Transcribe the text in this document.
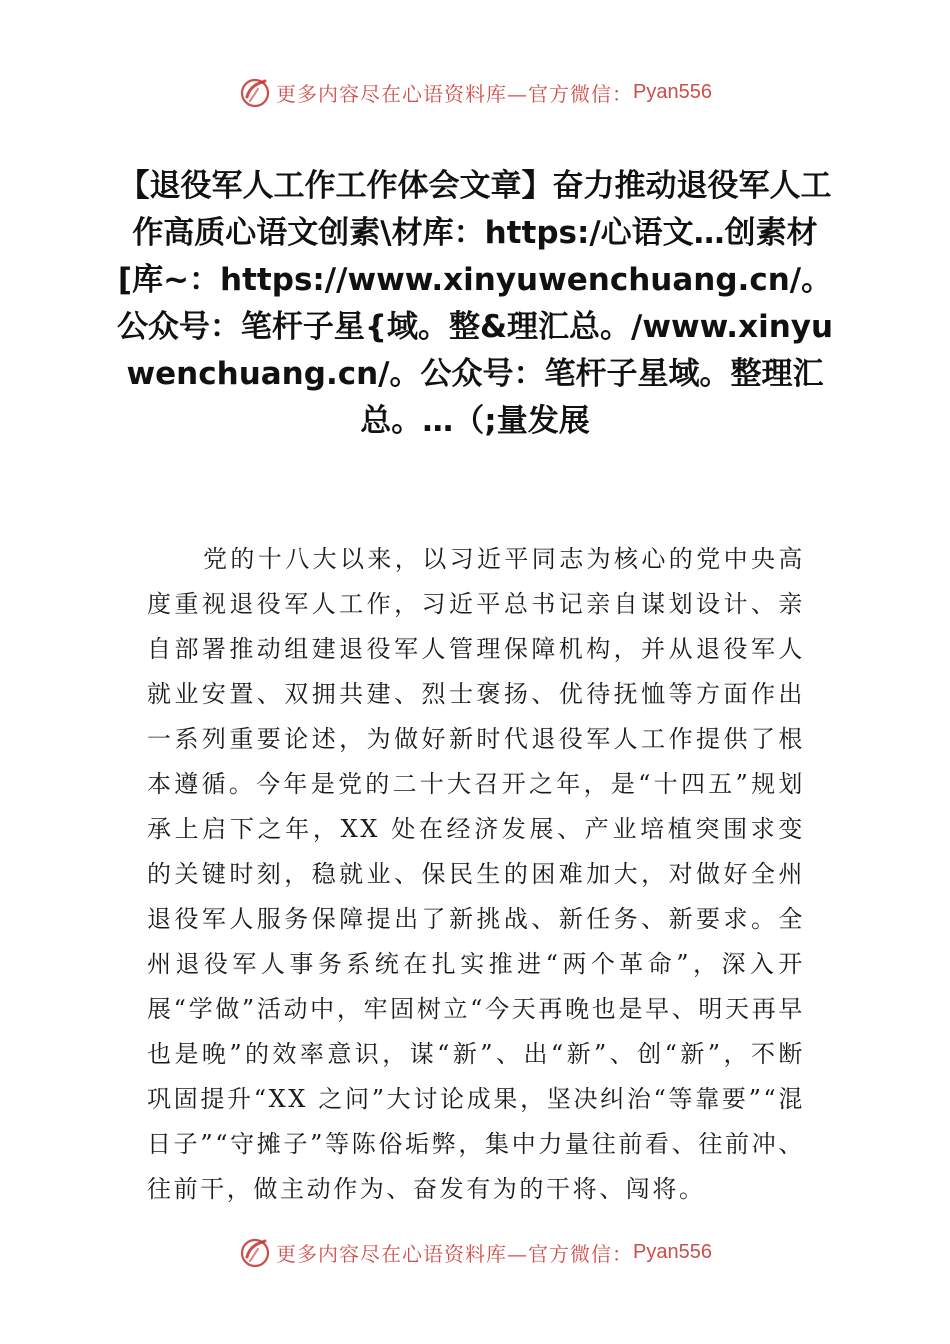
更多内容尽在心语资料库—官方微信： Pyan556
【退役军人工作工作体会文章】奋力推动退役军人工作高质心语文创素\材库：https:/心语文…创素材[库~：https://www.xinyuwenchuang.cn/。公众号：笔杆子星{域。整&理汇总。/www.xinyuwenchuang.cn/。公众号：笔杆子星域。整理汇总。…（;量发展

党的十八大以来，以习近平同志为核心的党中央高度重视退役军人工作，习近平总书记亲自谋划设计、亲自部署推动组建退役军人管理保障机构，并从退役军人就业安置、双拥共建、烈士褒扬、优待抚恤等方面作出一系列重要论述，为做好新时代退役军人工作提供了根本遵循。今年是党的二十大召开之年，是“十四五”规划承上启下之年，XX 处在经济发展、产业培植突围求变的关键时刻，稳就业、保民生的困难加大，对做好全州退役军人服务保障提出了新挑战、新任务、新要求。全州退役军人事务系统在扎实推进“两个革命”，深入开展“学做”活动中，牢固树立“今天再晚也是早、明天再早也是晚”的效率意识，谋“新”、出“新”、创“新”，不断巩固提升“XX 之问”大讨论成果，坚决纠治“等靠要”“混日子”“守摊子”等陈俗垢弊，集中力量往前看、往前冲、往前干，做主动作为、奋发有为的干将、闯将。

更多内容尽在心语资料库—官方微信： Pyan556
